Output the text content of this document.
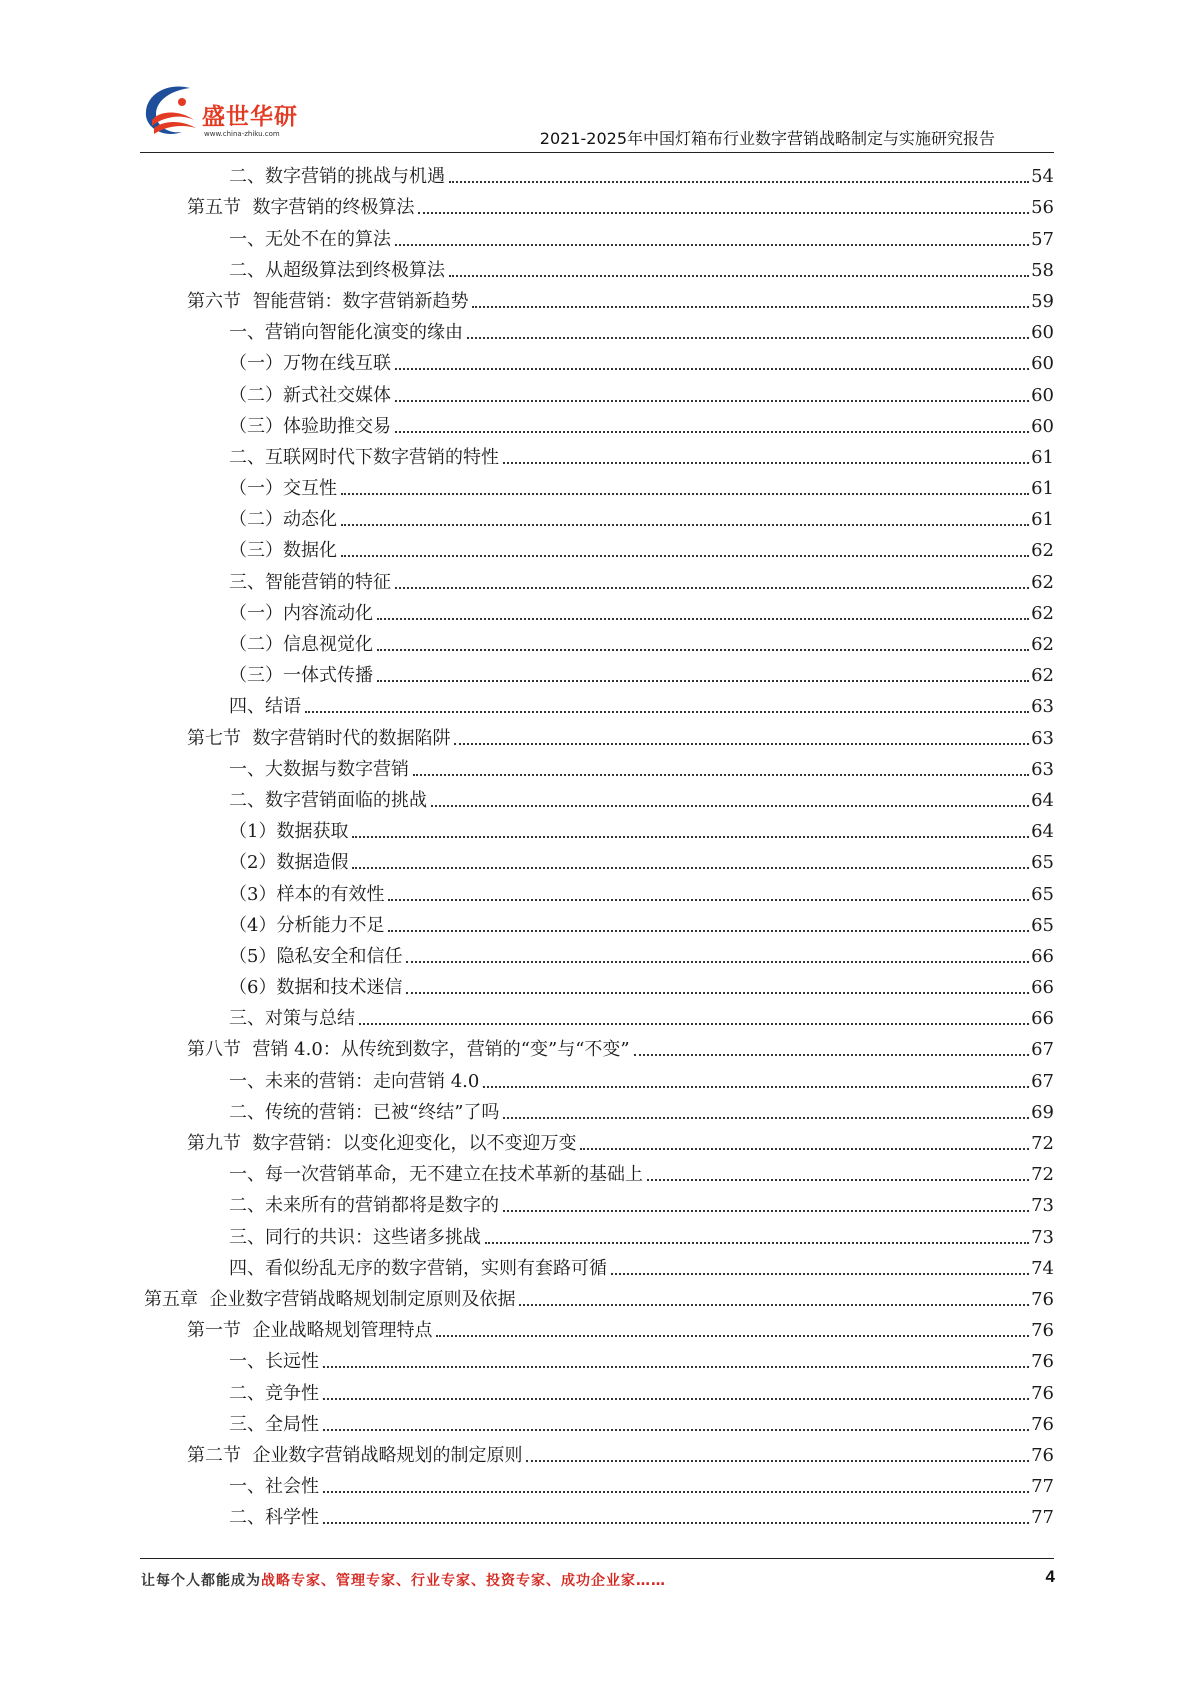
盛世华研
www.china-zhiku.com	2021-2025年中国灯箱布行业数字营销战略制定与实施研究报告
二、数字营销的挑战与机遇	54
第五节  数字营销的终极算法	56
一、无处不在的算法	57
二、从超级算法到终极算法	58
第六节  智能营销：数字营销新趋势	59
一、营销向智能化演变的缘由	60
（一）万物在线互联	60
（二）新式社交媒体	60
（三）体验助推交易	60
二、互联网时代下数字营销的特性	61
（一）交互性	61
（二）动态化	61
（三）数据化	62
三、智能营销的特征	62
（一）内容流动化	62
（二）信息视觉化	62
（三）一体式传播	62
四、结语	63
第七节  数字营销时代的数据陷阱	63
一、大数据与数字营销	63
二、数字营销面临的挑战	64
（1）数据获取	64
（2）数据造假	65
（3）样本的有效性	65
（4）分析能力不足	65
（5）隐私安全和信任	66
（6）数据和技术迷信	66
三、对策与总结	66
第八节  营销 4.0：从传统到数字，营销的“变”与“不变”	67
一、未来的营销：走向营销 4.0	67
二、传统的营销：已被“终结”了吗	69
第九节  数字营销：以变化迎变化，以不变迎万变	72
一、每一次营销革命，无不建立在技术革新的基础上	72
二、未来所有的营销都将是数字的	73
三、同行的共识：这些诸多挑战	73
四、看似纷乱无序的数字营销，实则有套路可循	74
第五章  企业数字营销战略规划制定原则及依据	76
第一节  企业战略规划管理特点	76
一、长远性	76
二、竞争性	76
三、全局性	76
第二节  企业数字营销战略规划的制定原则	76
一、社会性	77
二、科学性	77
让每个人都能成为战略专家、管理专家、行业专家、投资专家、成功企业家……	4
